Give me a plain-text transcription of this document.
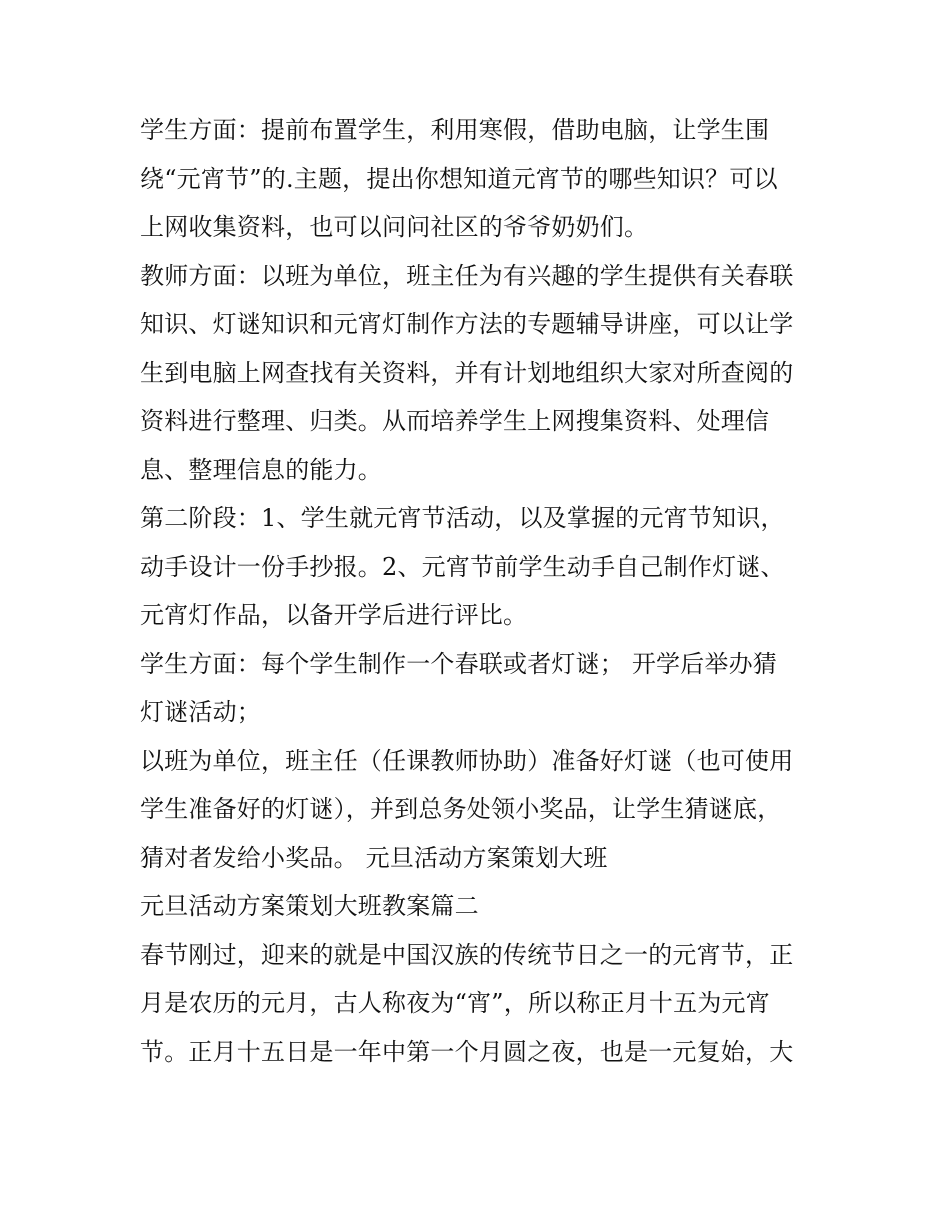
学生方面：提前布置学生，利用寒假，借助电脑，让学生围

绕“元宵节”的.主题，提出你想知道元宵节的哪些知识？可以

上网收集资料，也可以问问社区的爷爷奶奶们。

教师方面：以班为单位，班主任为有兴趣的学生提供有关春联

知识、灯谜知识和元宵灯制作方法的专题辅导讲座，可以让学

生到电脑上网查找有关资料，并有计划地组织大家对所查阅的

资料进行整理、归类。从而培养学生上网搜集资料、处理信

息、整理信息的能力。

第二阶段：1、学生就元宵节活动，以及掌握的元宵节知识，

动手设计一份手抄报。2、元宵节前学生动手自己制作灯谜、

元宵灯作品，以备开学后进行评比。

学生方面：每个学生制作一个春联或者灯谜； 开学后举办猜

灯谜活动；

以班为单位，班主任（任课教师协助）准备好灯谜（也可使用

学生准备好的灯谜），并到总务处领小奖品，让学生猜谜底，

猜对者发给小奖品。 元旦活动方案策划大班

元旦活动方案策划大班教案篇二

春节刚过，迎来的就是中国汉族的传统节日之一的元宵节，正

月是农历的元月，古人称夜为“宵”，所以称正月十五为元宵

节。正月十五日是一年中第一个月圆之夜，也是一元复始，大
